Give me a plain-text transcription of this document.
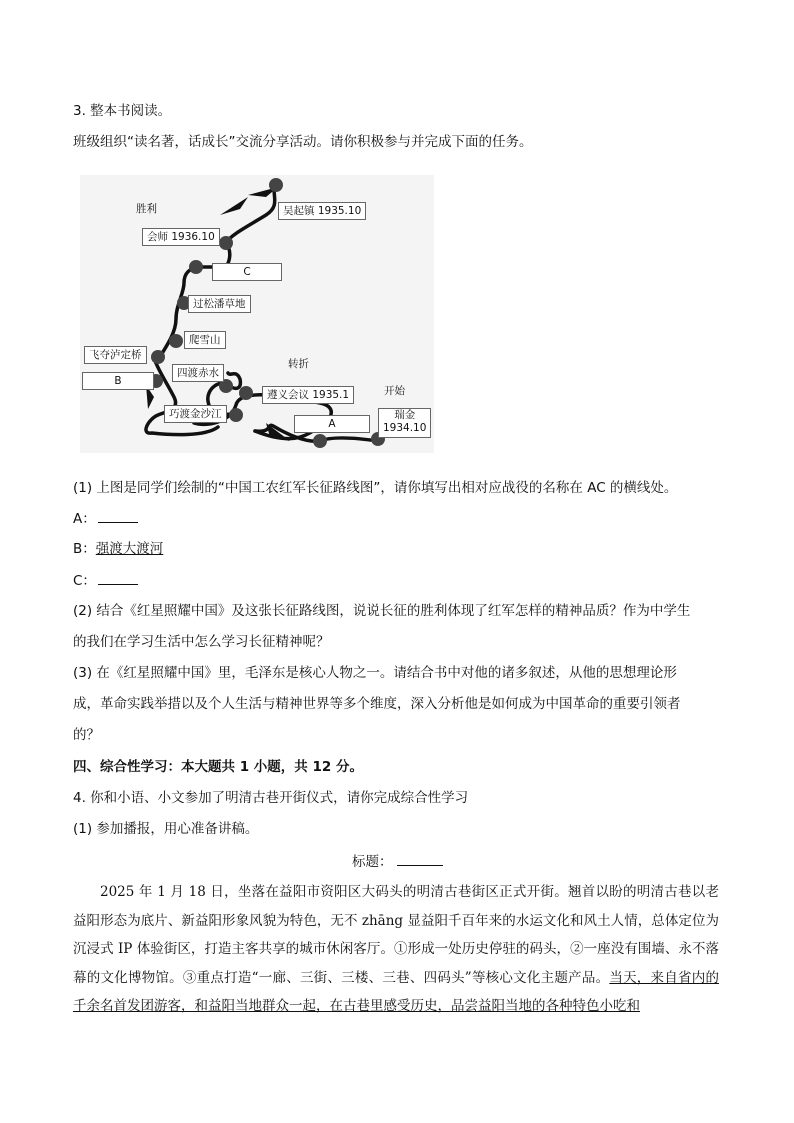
3. 整本书阅读。
班级组织“读名著，话成长”交流分享活动。请你积极参与并完成下面的任务。
吴起镇 1935.10
胜利
会师 1936.10
C
过松潘草地
爬雪山
飞夺泸定桥
B
四渡赤水
转折
遵义会议 1935.1	开始
瑞金
1934.10
A
巧渡金沙江
(1) 上图是同学们绘制的“中国工农红军长征路线图”，请你填写出相对应战役的名称在 AC 的横线处。
A：
B：强渡大渡河
C：
(2) 结合《红星照耀中国》及这张长征路线图，说说长征的胜利体现了红军怎样的精神品质？作为中学生
的我们在学习生活中怎么学习长征精神呢？
(3) 在《红星照耀中国》里，毛泽东是核心人物之一。请结合书中对他的诸多叙述，从他的思想理论形
成，革命实践举措以及个人生活与精神世界等多个维度，深入分析他是如何成为中国革命的重要引领者
的？
四、综合性学习：本大题共 1 小题，共 12 分。
4. 你和小语、小文参加了明清古巷开街仪式，请你完成综合性学习
(1) 参加播报，用心准备讲稿。
标题：
2025 年 1 月 18 日，坐落在益阳市资阳区大码头的明清古巷街区正式开街。翘首以盼的明清古巷以老益阳形态为底片、新益阳形象风貌为特色，无不 zhāng 显益阳千百年来的水运文化和风土人情，总体定位为沉浸式 IP 体验街区，打造主客共享的城市休闲客厅。①形成一处历史停驻的码头，②一座没有围墙、永不落幕的文化博物馆。③重点打造“一廊、三街、三楼、三巷、四码头”等核心文化主题产品。当天，来自省内的千余名首发团游客，和益阳当地群众一起，在古巷里感受历史，品尝益阳当地的各种特色小吃和
